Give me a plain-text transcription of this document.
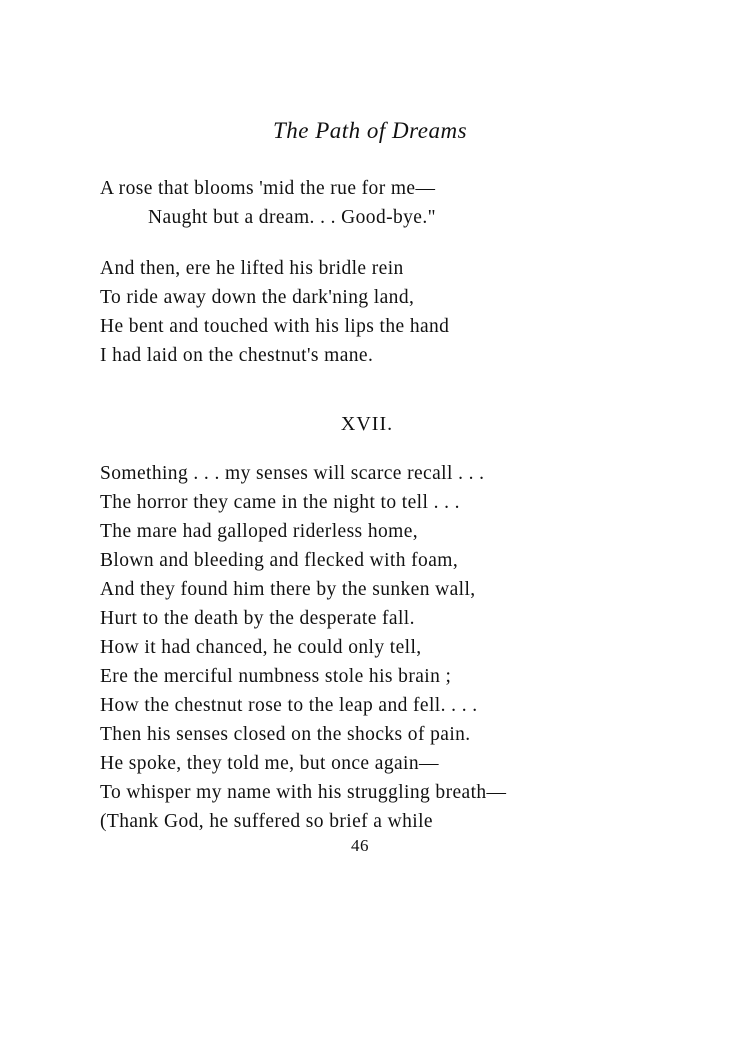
The Path of Dreams
A rose that blooms 'mid the rue for me—
Naught but a dream. . . Good-bye."
And then, ere he lifted his bridle rein
To ride away down the dark'ning land,
He bent and touched with his lips the hand
I had laid on the chestnut's mane.
XVII.
Something . . . my senses will scarce recall . . .
The horror they came in the night to tell . . .
The mare had galloped riderless home,
Blown and bleeding and flecked with foam,
And they found him there by the sunken wall,
Hurt to the death by the desperate fall.
How it had chanced, he could only tell,
Ere the merciful numbness stole his brain ;
How the chestnut rose to the leap and fell. . . .
Then his senses closed on the shocks of pain.
He spoke, they told me, but once again—
To whisper my name with his struggling breath—
(Thank God, he suffered so brief a while
46
